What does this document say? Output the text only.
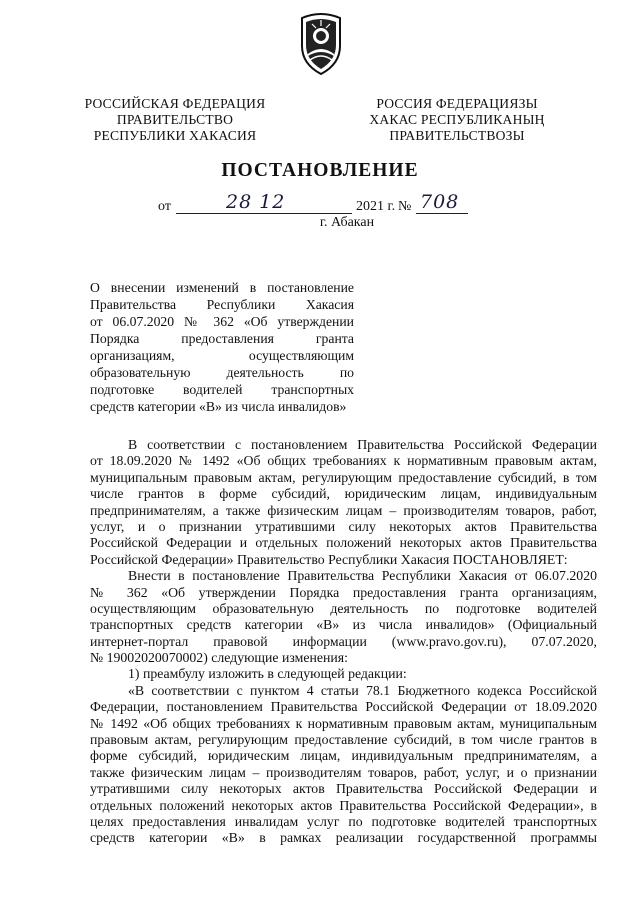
РОССИЙСКАЯ ФЕДЕРАЦИЯ
ПРАВИТЕЛЬСТВО
РЕСПУБЛИКИ ХАКАСИЯ
РОССИЯ ФЕДЕРАЦИЯЗЫ
ХАКАС РЕСПУБЛИКАНЫҢ
ПРАВИТЕЛЬСТВОЗЫ
ПОСТАНОВЛЕНИЕ
от	28 12	2021 г. № 708
г. Абакан
О внесении изменений в постановление
Правительства Республики Хакасия
от 06.07.2020 № 362 «Об утверждении
Порядка предоставления гранта
организациям, осуществляющим
образовательную деятельность по
подготовке водителей транспортных
средств категории «В» из числа инвалидов»
В соответствии с постановлением Правительства Российской Федерации
от 18.09.2020 № 1492 «Об общих требованиях к нормативным правовым актам,
муниципальным правовым актам, регулирующим предоставление субсидий, в том
числе грантов в форме субсидий, юридическим лицам, индивидуальным
предпринимателям, а также физическим лицам – производителям товаров, работ,
услуг, и о признании утратившими силу некоторых актов Правительства
Российской Федерации и отдельных положений некоторых актов Правительства
Российской Федерации» Правительство Республики Хакасия ПОСТАНОВЛЯЕТ:
Внести в постановление Правительства Республики Хакасия от 06.07.2020
№ 362 «Об утверждении Порядка предоставления гранта организациям,
осуществляющим образовательную деятельность по подготовке водителей
транспортных средств категории «В» из числа инвалидов» (Официальный
интернет-портал правовой информации (www.pravo.gov.ru), 07.07.2020,
№ 19002020070002) следующие изменения:
1) преамбулу изложить в следующей редакции:
«В соответствии с пунктом 4 статьи 78.1 Бюджетного кодекса Российской
Федерации, постановлением Правительства Российской Федерации от 18.09.2020
№ 1492 «Об общих требованиях к нормативным правовым актам, муниципальным
правовым актам, регулирующим предоставление субсидий, в том числе грантов в
форме субсидий, юридическим лицам, индивидуальным предпринимателям, а
также физическим лицам – производителям товаров, работ, услуг, и о признании
утратившими силу некоторых актов Правительства Российской Федерации и
отдельных положений некоторых актов Правительства Российской Федерации», в
целях предоставления инвалидам услуг по подготовке водителей транспортных
средств категории «В» в рамках реализации государственной программы
